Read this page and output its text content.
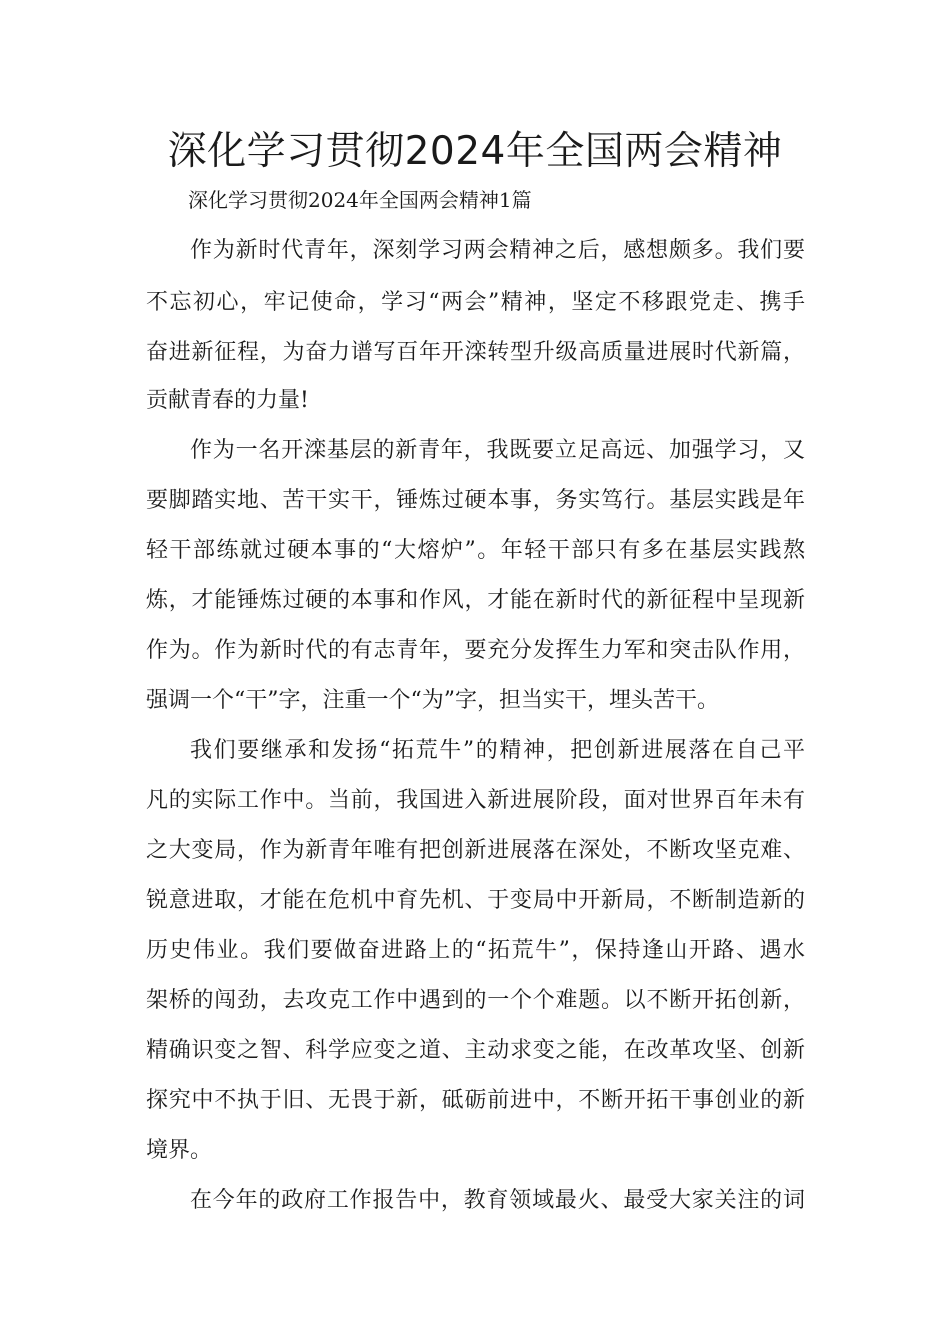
深化学习贯彻2024年全国两会精神
深化学习贯彻2024年全国两会精神1篇
作为新时代青年，深刻学习两会精神之后，感想颇多。我们要
不忘初心，牢记使命，学习“两会”精神，坚定不移跟党走、携手
奋进新征程，为奋力谱写百年开滦转型升级高质量进展时代新篇，
贡献青春的力量!
作为一名开滦基层的新青年，我既要立足高远、加强学习，又
要脚踏实地、苦干实干，锤炼过硬本事，务实笃行。基层实践是年
轻干部练就过硬本事的“大熔炉”。年轻干部只有多在基层实践熬
炼，才能锤炼过硬的本事和作风，才能在新时代的新征程中呈现新
作为。作为新时代的有志青年，要充分发挥生力军和突击队作用，
强调一个“干”字，注重一个“为”字，担当实干，埋头苦干。
我们要继承和发扬“拓荒牛”的精神，把创新进展落在自己平
凡的实际工作中。当前，我国进入新进展阶段，面对世界百年未有
之大变局，作为新青年唯有把创新进展落在深处，不断攻坚克难、
锐意进取，才能在危机中育先机、于变局中开新局，不断制造新的
历史伟业。我们要做奋进路上的“拓荒牛”，保持逢山开路、遇水
架桥的闯劲，去攻克工作中遇到的一个个难题。以不断开拓创新，
精确识变之智、科学应变之道、主动求变之能，在改革攻坚、创新
探究中不执于旧、无畏于新，砥砺前进中，不断开拓干事创业的新
境界。
在今年的政府工作报告中，教育领域最火、最受大家关注的词
